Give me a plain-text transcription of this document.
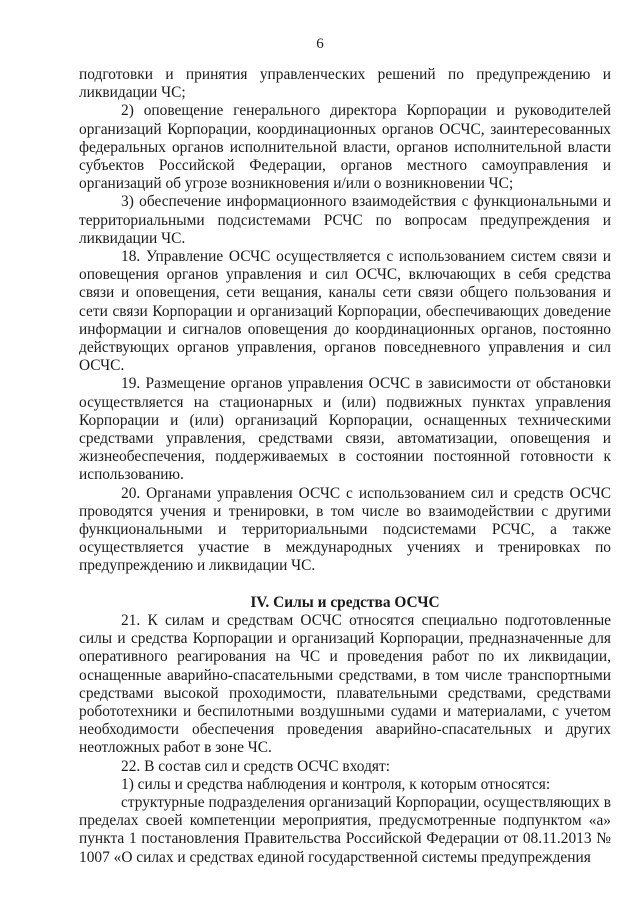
6

подготовки и принятия управленческих решений по предупреждению и ликвидации ЧС;

2) оповещение генерального директора Корпорации и руководителей организаций Корпорации, координационных органов ОСЧС, заинтересованных федеральных органов исполнительной власти, органов исполнительной власти субъектов Российской Федерации, органов местного самоуправления и организаций об угрозе возникновения и/или о возникновении ЧС;

3) обеспечение информационного взаимодействия с функциональными и территориальными подсистемами РСЧС по вопросам предупреждения и ликвидации ЧС.

18. Управление ОСЧС осуществляется с использованием систем связи и оповещения органов управления и сил ОСЧС, включающих в себя средства связи и оповещения, сети вещания, каналы сети связи общего пользования и сети связи Корпорации и организаций Корпорации, обеспечивающих доведение информации и сигналов оповещения до координационных органов, постоянно действующих органов управления, органов повседневного управления и сил ОСЧС.

19. Размещение органов управления ОСЧС в зависимости от обстановки осуществляется на стационарных и (или) подвижных пунктах управления Корпорации и (или) организаций Корпорации, оснащенных техническими средствами управления, средствами связи, автоматизации, оповещения и жизнеобеспечения, поддерживаемых в состоянии постоянной готовности к использованию.

20. Органами управления ОСЧС с использованием сил и средств ОСЧС проводятся учения и тренировки, в том числе во взаимодействии с другими функциональными и территориальными подсистемами РСЧС, а также осуществляется участие в международных учениях и тренировках по предупреждению и ликвидации ЧС.

IV. Силы и средства ОСЧС

21. К силам и средствам ОСЧС относятся специально подготовленные силы и средства Корпорации и организаций Корпорации, предназначенные для оперативного реагирования на ЧС и проведения работ по их ликвидации, оснащенные аварийно-спасательными средствами, в том числе транспортными средствами высокой проходимости, плавательными средствами, средствами робототехники и беспилотными воздушными судами и материалами, с учетом необходимости обеспечения проведения аварийно-спасательных и других неотложных работ в зоне ЧС.

22. В состав сил и средств ОСЧС входят:

1) силы и средства наблюдения и контроля, к которым относятся:

структурные подразделения организаций Корпорации, осуществляющих в пределах своей компетенции мероприятия, предусмотренные подпунктом «а» пункта 1 постановления Правительства Российской Федерации от 08.11.2013 № 1007 «О силах и средствах единой государственной системы предупреждения
